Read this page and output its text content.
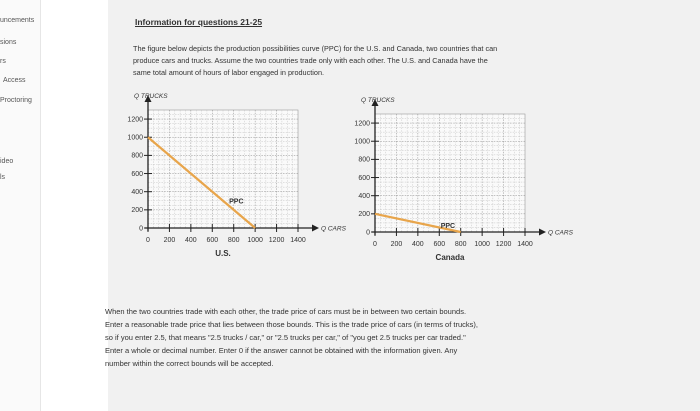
uncements
sions
rs
Access
Proctoring
ideo
ls
Information for questions 21-25
The figure below depicts the production possibilities curve (PPC) for the U.S. and Canada, two countries that can
produce cars and trucks. Assume the two countries trade only with each other. The U.S. and Canada have the
same total amount of hours of labor engaged in production.
0
200
400
600
800
1000
1200
0 200 400 600 800 1000 1200 1400
Q TRUCKS
Q CARS
U.S.
PPC
0
200
400
600
800
1000
1200
0 200 400 600 800 1000 1200 1400
Q TRUCKS
Q CARS
Canada
PPC

When the two countries trade with each other, the trade price of cars must be in between two certain bounds.

Enter a reasonable trade price that lies between those bounds. This is the trade price of cars (in terms of trucks),

so if you enter 2.5, that means "2.5 trucks / car," or "2.5 trucks per car," of "you get 2.5 trucks per car traded."

Enter a whole or decimal number. Enter 0 if the answer cannot be obtained with the information given. Any

number within the correct bounds will be accepted.
